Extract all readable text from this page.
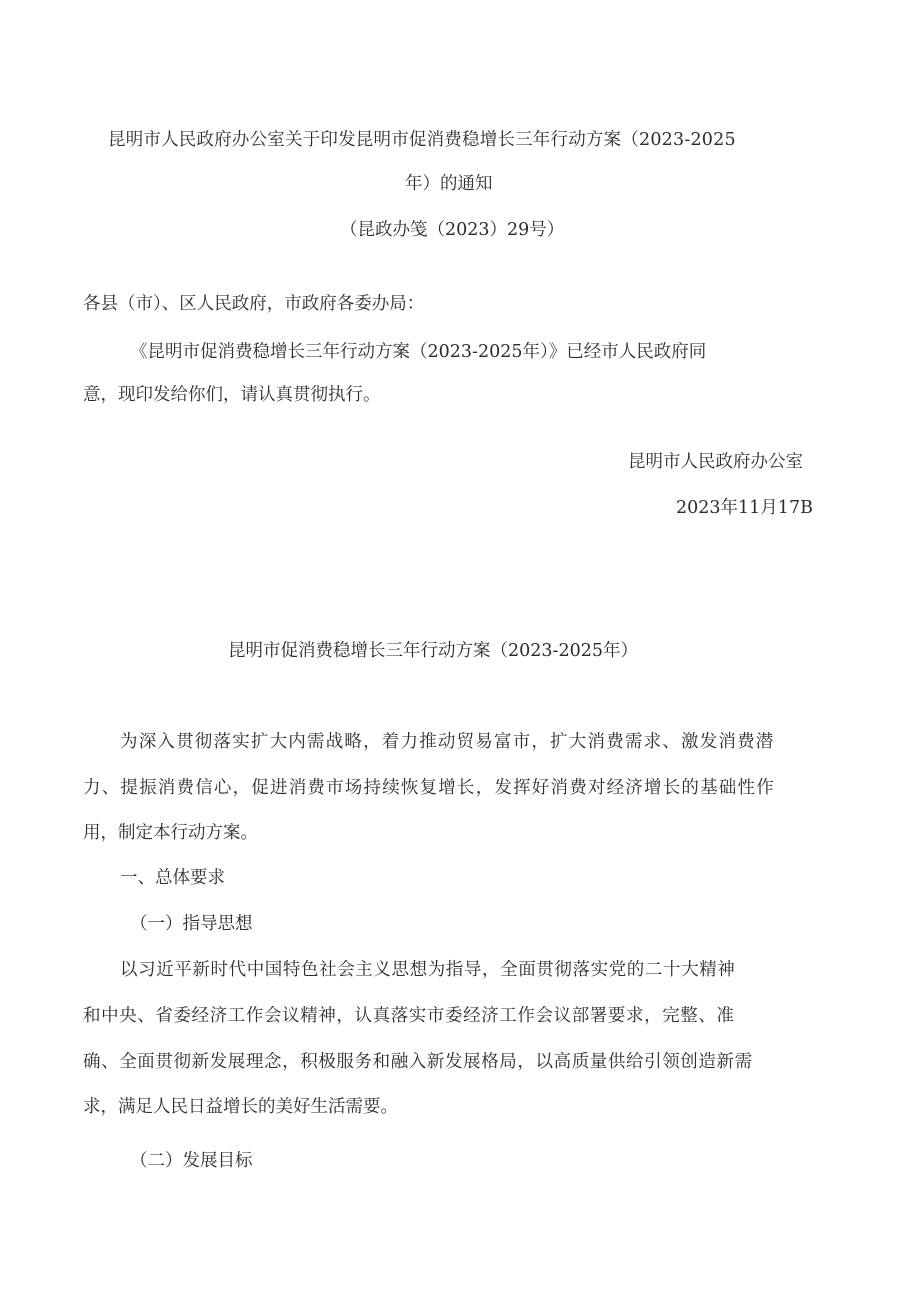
昆明市人民政府办公室关于印发昆明市促消费稳增长三年行动方案（2023-2025
年）的通知
（昆政办笺（2023）29号）
各县（市）、区人民政府，市政府各委办局：
《昆明市促消费稳增长三年行动方案（2023-2025年）》已经市人民政府同
意，现印发给你们，请认真贯彻执行。
昆明市人民政府办公室
2023年11月17B
昆明市促消费稳增长三年行动方案（2023-2025年）
为深入贯彻落实扩大内需战略，着力推动贸易富市，扩大消费需求、激发消费潜
力、提振消费信心，促进消费市场持续恢复增长，发挥好消费对经济增长的基础性作
用，制定本行动方案。
一、总体要求
（一）指导思想
以习近平新时代中国特色社会主义思想为指导，全面贯彻落实党的二十大精神
和中央、省委经济工作会议精神，认真落实市委经济工作会议部署要求，完整、准
确、全面贯彻新发展理念，积极服务和融入新发展格局，以高质量供给引领创造新需
求，满足人民日益增长的美好生活需要。
（二）发展目标
